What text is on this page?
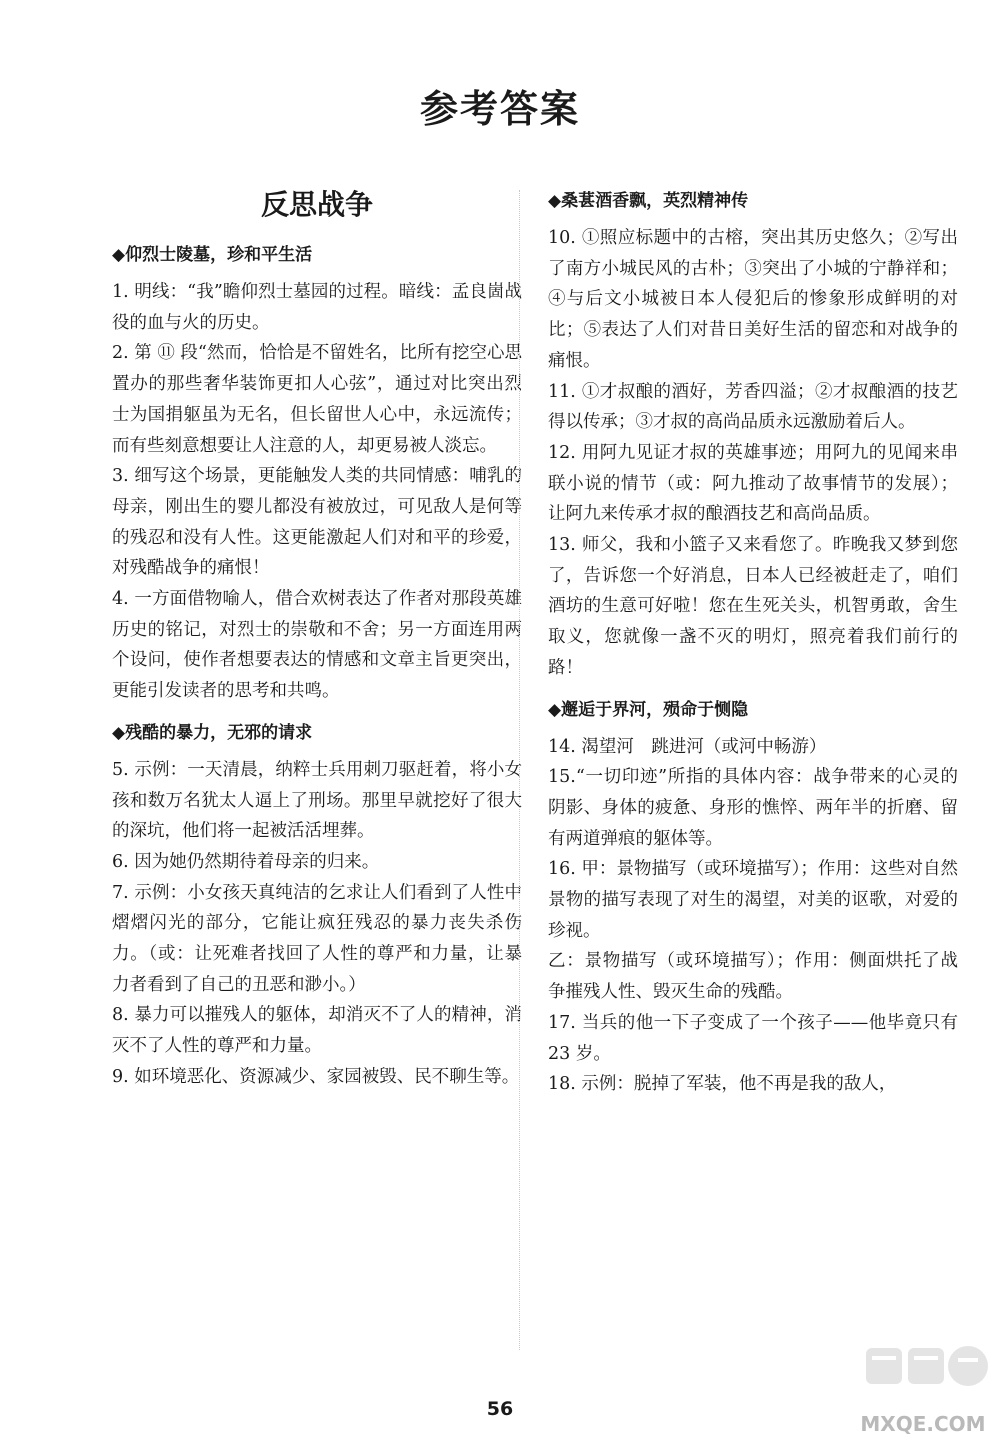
参考答案
反思战争
◆仰烈士陵墓，珍和平生活

1. 明线：“我”瞻仰烈士墓园的过程。暗线：孟良崮战役的血与火的历史。

2. 第 ⑪ 段“然而，恰恰是不留姓名，比所有挖空心思置办的那些奢华装饰更扣人心弦”，通过对比突出烈士为国捐躯虽为无名，但长留世人心中，永远流传；而有些刻意想要让人注意的人，却更易被人淡忘。

3. 细写这个场景，更能触发人类的共同情感：哺乳的母亲，刚出生的婴儿都没有被放过，可见敌人是何等的残忍和没有人性。这更能激起人们对和平的珍爱，对残酷战争的痛恨！

4. 一方面借物喻人，借合欢树表达了作者对那段英雄历史的铭记，对烈士的崇敬和不舍；另一方面连用两个设问，使作者想要表达的情感和文章主旨更突出，更能引发读者的思考和共鸣。

◆残酷的暴力，无邪的请求

5. 示例：一天清晨，纳粹士兵用刺刀驱赶着，将小女孩和数万名犹太人逼上了刑场。那里早就挖好了很大的深坑，他们将一起被活活埋葬。

6. 因为她仍然期待着母亲的归来。

7. 示例：小女孩天真纯洁的乞求让人们看到了人性中熠熠闪光的部分，它能让疯狂残忍的暴力丧失杀伤力。（或：让死难者找回了人性的尊严和力量，让暴力者看到了自己的丑恶和渺小。）

8. 暴力可以摧残人的躯体，却消灭不了人的精神，消灭不了人性的尊严和力量。

9. 如环境恶化、资源减少、家园被毁、民不聊生等。

◆桑葚酒香飘，英烈精神传

10. ①照应标题中的古榕，突出其历史悠久；②写出了南方小城民风的古朴；③突出了小城的宁静祥和；④与后文小城被日本人侵犯后的惨象形成鲜明的对比；⑤表达了人们对昔日美好生活的留恋和对战争的痛恨。

11. ①才叔酿的酒好，芳香四溢；②才叔酿酒的技艺得以传承；③才叔的高尚品质永远激励着后人。

12. 用阿九见证才叔的英雄事迹；用阿九的见闻来串联小说的情节（或：阿九推动了故事情节的发展）；让阿九来传承才叔的酿酒技艺和高尚品质。

13. 师父，我和小篮子又来看您了。昨晚我又梦到您了，告诉您一个好消息，日本人已经被赶走了，咱们酒坊的生意可好啦！您在生死关头，机智勇敢，舍生取义，您就像一盏不灭的明灯，照亮着我们前行的路！

◆邂逅于界河，殒命于恻隐

14. 渴望河　跳进河（或河中畅游）

15.“一切印迹”所指的具体内容：战争带来的心灵的阴影、身体的疲惫、身形的憔悴、两年半的折磨、留有两道弹痕的躯体等。

16. 甲：景物描写（或环境描写）；作用：这些对自然景物的描写表现了对生的渴望，对美的讴歌，对爱的珍视。

乙：景物描写（或环境描写）；作用：侧面烘托了战争摧残人性、毁灭生命的残酷。

17. 当兵的他一下子变成了一个孩子——他毕竟只有 23 岁。

18. 示例：脱掉了军装，他不再是我的敌人，

56
MXQE.COM
